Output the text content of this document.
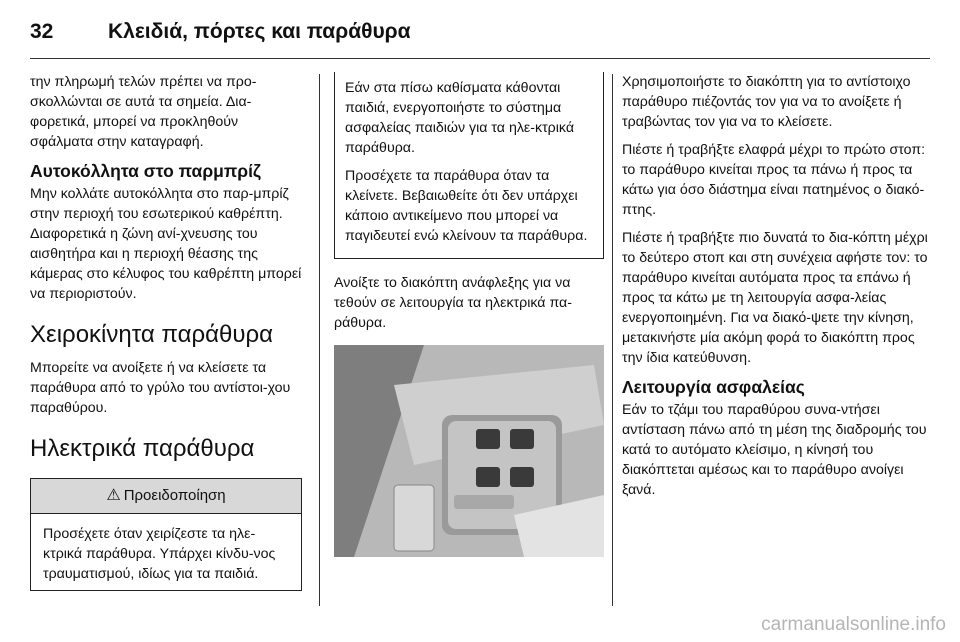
32	Κλειδιά, πόρτες και παράθυρα

την πληρωμή τελών πρέπει να προ-σκολλώνται σε αυτά τα σημεία. Δια-φορετικά, μπορεί να προκληθούν σφάλματα στην καταγραφή.

Αυτοκόλλητα στο παρμπρίζ

Μην κολλάτε αυτοκόλλητα στο παρ-μπρίζ στην περιοχή του εσωτερικού καθρέπτη. Διαφορετικά η ζώνη ανί-χνευσης του αισθητήρα και η περιοχή θέασης της κάμερας στο κέλυφος του καθρέπτη μπορεί να περιοριστούν.

Χειροκίνητα παράθυρα

Μπορείτε να ανοίξετε ή να κλείσετε τα παράθυρα από το γρύλο του αντίστοι-χου παραθύρου.

Ηλεκτρικά παράθυρα
⚠ Προειδοποίηση
Προσέχετε όταν χειρίζεστε τα ηλε-κτρικά παράθυρα. Υπάρχει κίνδυ-νος τραυματισμού, ιδίως για τα παιδιά.

Εάν στα πίσω καθίσματα κάθονται παιδιά, ενεργοποιήστε το σύστημα ασφαλείας παιδιών για τα ηλε-κτρικά παράθυρα.

Προσέχετε τα παράθυρα όταν τα κλείνετε. Βεβαιωθείτε ότι δεν υπάρχει κάποιο αντικείμενο που μπορεί να παγιδευτεί ενώ κλείνουν τα παράθυρα.

Ανοίξτε το διακόπτη ανάφλεξης για να τεθούν σε λειτουργία τα ηλεκτρικά πα-ράθυρα.

Χρησιμοποιήστε το διακόπτη για το αντίστοιχο παράθυρο πιέζοντάς τον για να το ανοίξετε ή τραβώντας τον για να το κλείσετε.

Πιέστε ή τραβήξτε ελαφρά μέχρι το πρώτο στοπ: το παράθυρο κινείται προς τα πάνω ή προς τα κάτω για όσο διάστημα είναι πατημένος ο διακό-πτης.

Πιέστε ή τραβήξτε πιο δυνατά το δια-κόπτη μέχρι το δεύτερο στοπ και στη συνέχεια αφήστε τον: το παράθυρο κινείται αυτόματα προς τα επάνω ή προς τα κάτω με τη λειτουργία ασφα-λείας ενεργοποιημένη. Για να διακό-ψετε την κίνηση, μετακινήστε μία ακόμη φορά το διακόπτη προς την ίδια κατεύθυνση.

Λειτουργία ασφαλείας

Εάν το τζάμι του παραθύρου συνα-ντήσει αντίσταση πάνω από τη μέση της διαδρομής του κατά το αυτόματο κλείσιμο, η κίνησή του διακόπτεται αμέσως και το παράθυρο ανοίγει ξανά.

carmanualsonline.info
